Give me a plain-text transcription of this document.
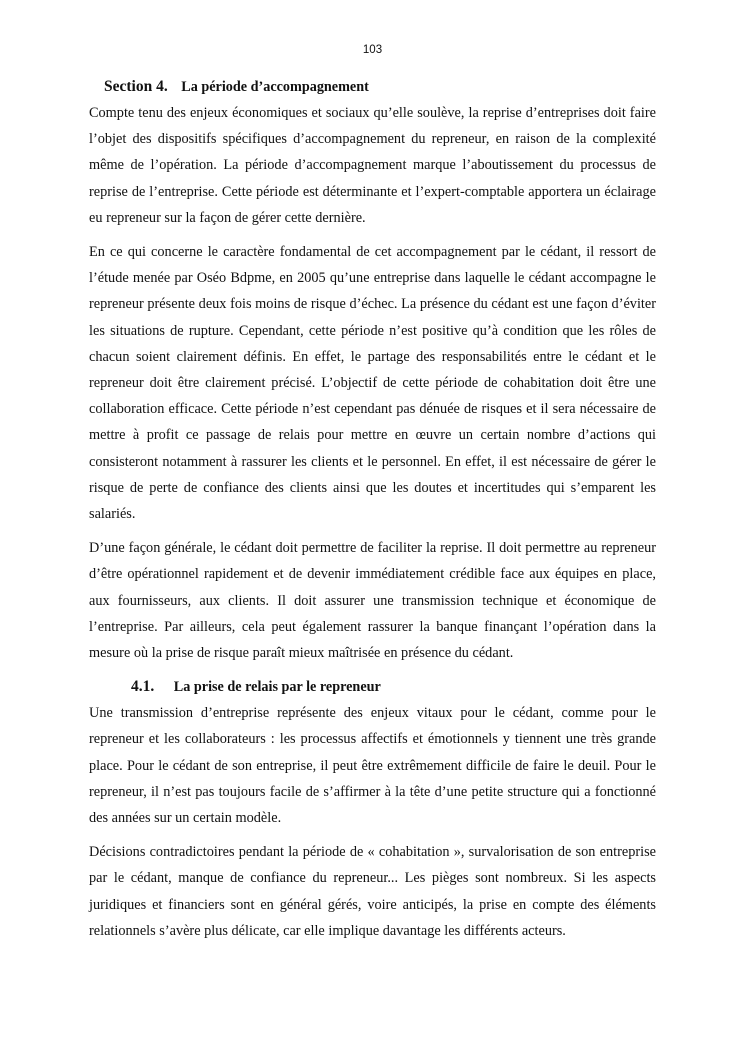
103
Section 4. La période d’accompagnement

Compte tenu des enjeux économiques et sociaux qu’elle soulève, la reprise d’entreprises doit faire l’objet des dispositifs spécifiques d’accompagnement du repreneur, en raison de la complexité même de l’opération. La période d’accompagnement marque l’aboutissement du processus de reprise de l’entreprise. Cette période est déterminante et l’expert-comptable apportera un éclairage eu repreneur sur la façon de gérer cette dernière.

En ce qui concerne le caractère fondamental de cet accompagnement par le cédant, il ressort de l’étude menée par Oséo Bdpme, en 2005 qu’une entreprise dans laquelle le cédant accompagne le repreneur présente deux fois moins de risque d’échec. La présence du cédant est une façon d’éviter les situations de rupture. Cependant, cette période n’est positive qu’à condition que les rôles de chacun soient clairement définis. En effet, le partage des responsabilités entre le cédant et le repreneur doit être clairement précisé. L’objectif de cette période de cohabitation doit être une collaboration efficace. Cette période n’est cependant pas dénuée de risques et il sera nécessaire de mettre à profit ce passage de relais pour mettre en œuvre un certain nombre d’actions qui consisteront notamment à rassurer les clients et le personnel. En effet, il est nécessaire de gérer le risque de perte de confiance des clients ainsi que les doutes et incertitudes qui s’emparent les salariés.

D’une façon générale, le cédant doit permettre de faciliter la reprise. Il doit permettre au repreneur d’être opérationnel rapidement et de devenir immédiatement crédible face aux équipes en place, aux fournisseurs, aux clients. Il doit assurer une transmission technique et économique de l’entreprise. Par ailleurs, cela peut également rassurer la banque finançant l’opération dans la mesure où la prise de risque paraît mieux maîtrisée en présence du cédant.

4.1. La prise de relais par le repreneur

Une transmission d’entreprise représente des enjeux vitaux pour le cédant, comme pour le repreneur et les collaborateurs : les processus affectifs et émotionnels y tiennent une très grande place. Pour le cédant de son entreprise, il peut être extrêmement difficile de faire le deuil. Pour le repreneur, il n’est pas toujours facile de s’affirmer à la tête d’une petite structure qui a fonctionné des années sur un certain modèle.

Décisions contradictoires pendant la période de « cohabitation », survalorisation de son entreprise par le cédant, manque de confiance du repreneur... Les pièges sont nombreux. Si les aspects juridiques et financiers sont en général gérés, voire anticipés, la prise en compte des éléments relationnels s’avère plus délicate, car elle implique davantage les différents acteurs.
